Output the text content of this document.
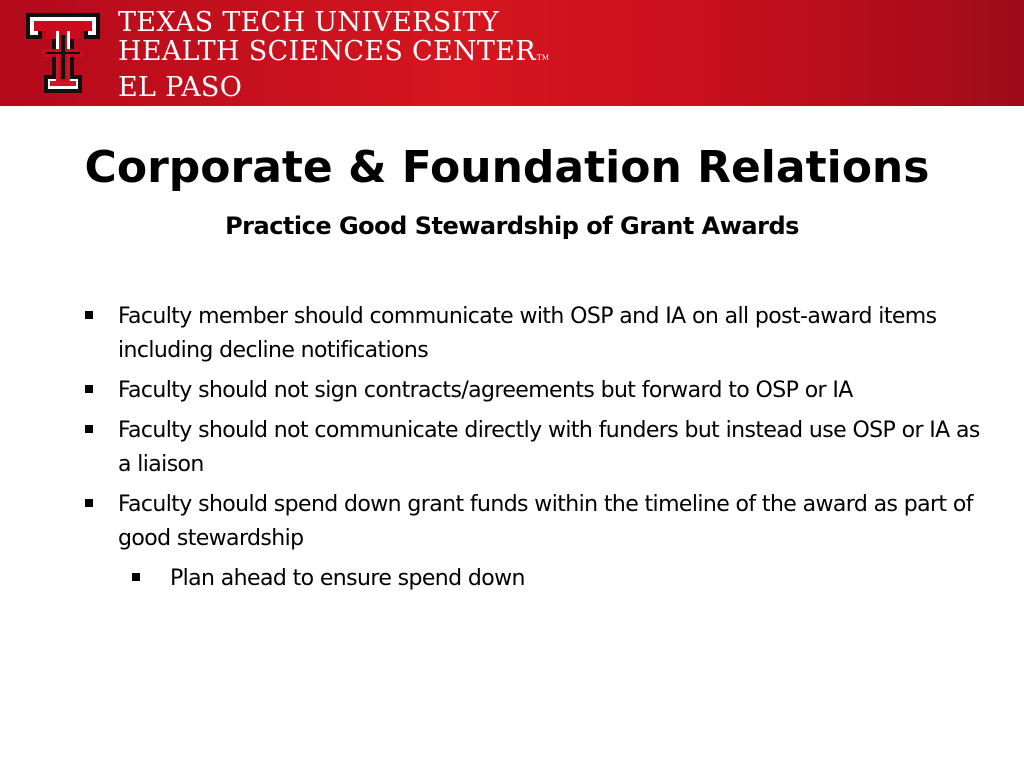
TEXAS TECH UNIVERSITY
HEALTH SCIENCES CENTERTM
EL PASO
Corporate & Foundation Relations
Practice Good Stewardship of Grant Awards
Faculty member should communicate with OSP and IA on all post-award items including decline notifications
Faculty should not sign contracts/agreements but forward to OSP or IA
Faculty should not communicate directly with funders but instead use OSP or IA as a liaison
Faculty should spend down grant funds within the timeline of the award as part of good stewardship
Plan ahead to ensure spend down
